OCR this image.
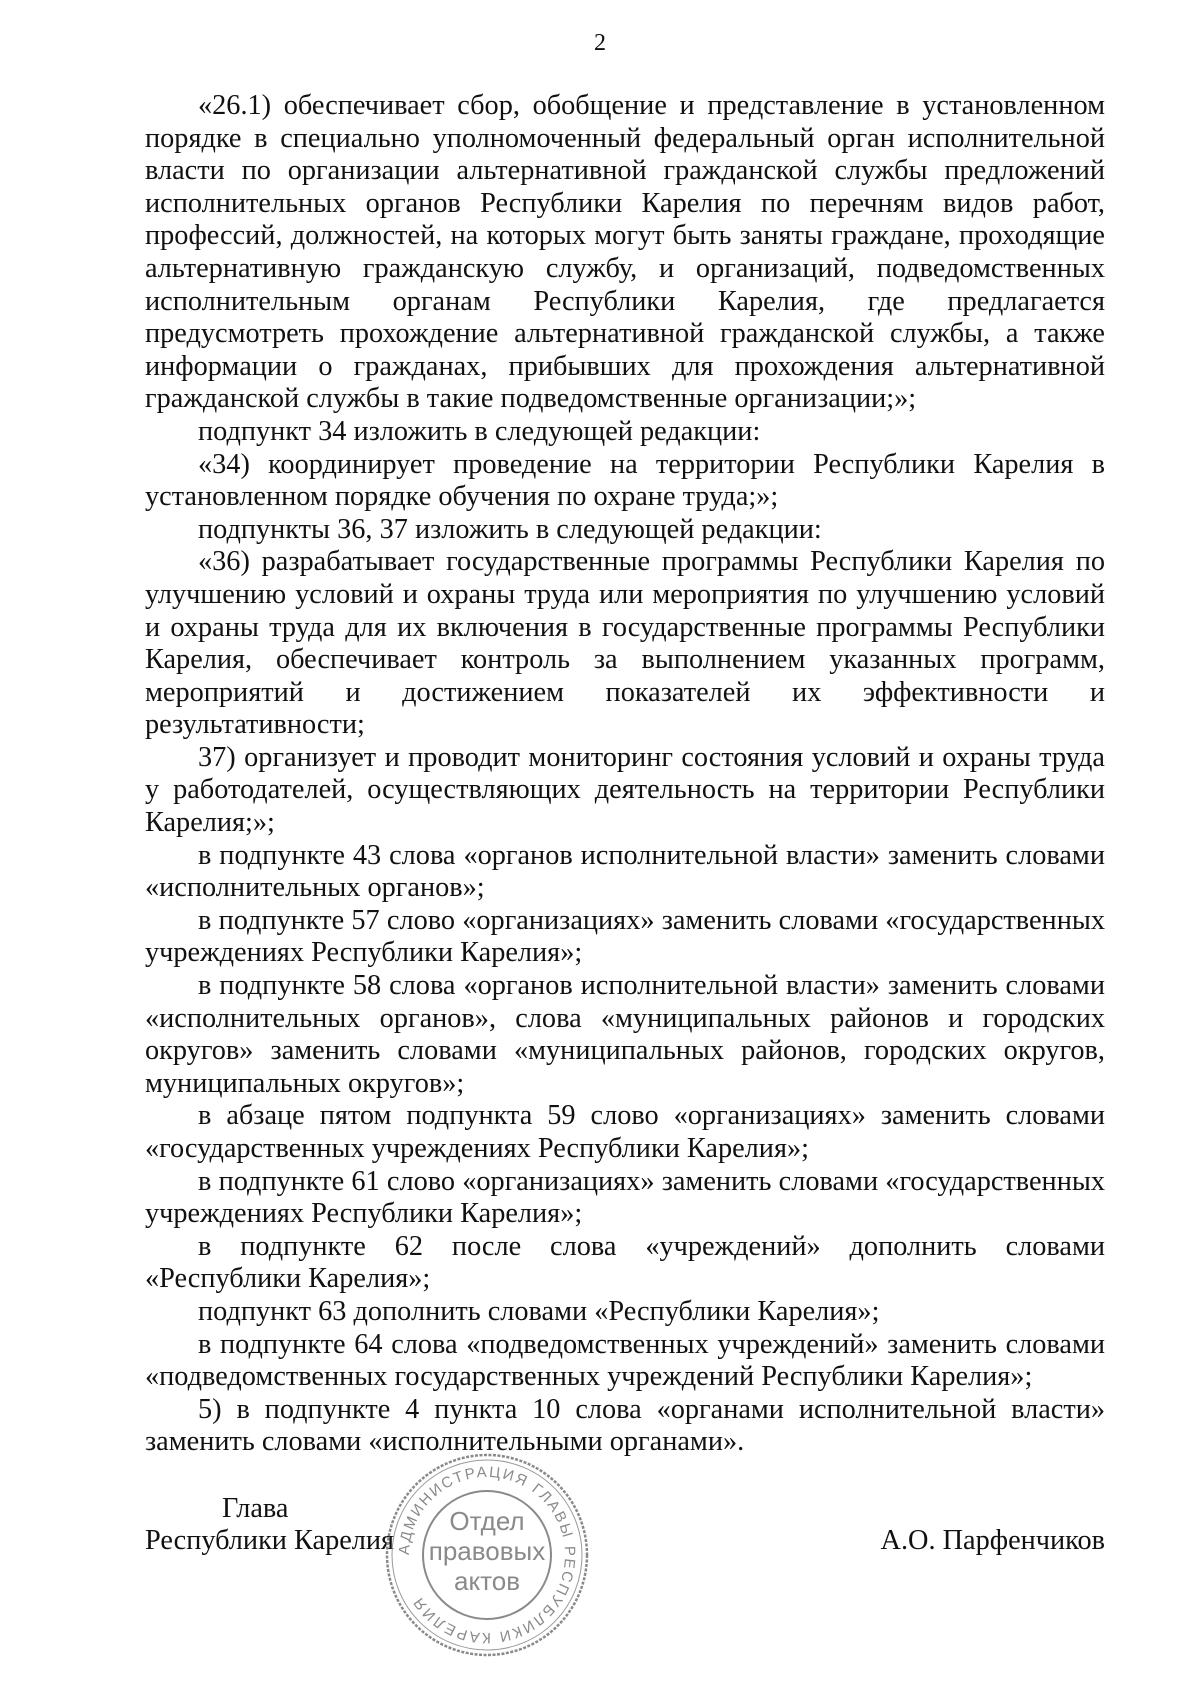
2

«26.1) обеспечивает сбор, обобщение и представление в установленном порядке в специально уполномоченный федеральный орган исполнительной власти по организации альтернативной гражданской службы предложений исполнительных органов Республики Карелия по перечням видов работ, профессий, должностей, на которых могут быть заняты граждане, проходящие альтернативную гражданскую службу, и организаций, подведомственных исполнительным органам Республики Карелия, где предлагается предусмотреть прохождение альтернативной гражданской службы, а также информации о гражданах, прибывших для прохождения альтернативной гражданской службы в такие подведомственные организации;»;

подпункт 34 изложить в следующей редакции:

«34) координирует проведение на территории Республики Карелия в установленном порядке обучения по охране труда;»;

подпункты 36, 37 изложить в следующей редакции:

«36) разрабатывает государственные программы Республики Карелия по улучшению условий и охраны труда или мероприятия по улучшению условий и охраны труда для их включения в государственные программы Республики Карелия, обеспечивает контроль за выполнением указанных программ, мероприятий и достижением показателей их эффективности и результативности;

37) организует и проводит мониторинг состояния условий и охраны труда у работодателей, осуществляющих деятельность на территории Республики Карелия;»;

в подпункте 43 слова «органов исполнительной власти» заменить словами «исполнительных органов»;

в подпункте 57 слово «организациях» заменить словами «государственных учреждениях Республики Карелия»;

в подпункте 58 слова «органов исполнительной власти» заменить словами «исполнительных органов», слова «муниципальных районов и городских округов» заменить словами «муниципальных районов, городских округов, муниципальных округов»;

в абзаце пятом подпункта 59 слово «организациях» заменить словами «государственных учреждениях Республики Карелия»;

в подпункте 61 слово «организациях» заменить словами «государственных учреждениях Республики Карелия»;

в подпункте 62 после слова «учреждений» дополнить словами «Республики Карелия»;

подпункт 63 дополнить словами «Республики Карелия»;

в подпункте 64 слова «подведомственных учреждений» заменить словами «подведомственных государственных учреждений Республики Карелия»;

5) в подпункте 4 пункта 10 слова «органами исполнительной власти» заменить словами «исполнительными органами».

Глава
Республики Карелия	А.О. Парфенчиков
АДМИНИСТРАЦИЯ ГЛАВЫ РЕСПУБЛИКИ КАРЕЛИЯ
Отдел
правовых
актов
